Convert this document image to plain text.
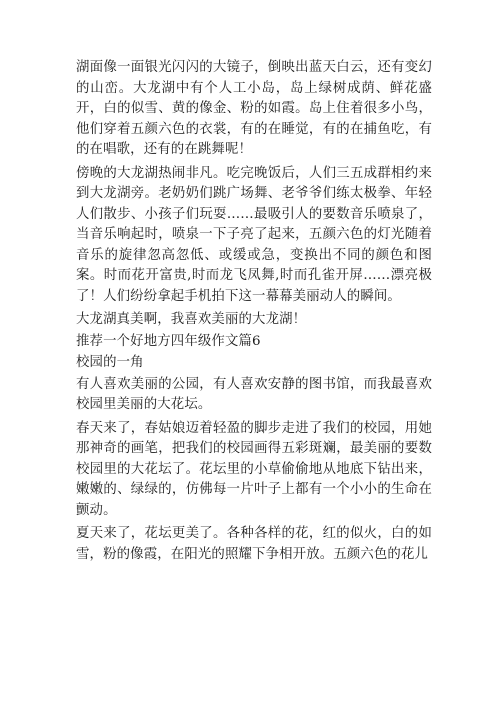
湖面像一面银光闪闪的大镜子，倒映出蓝天白云，还有变幻的山峦。大龙湖中有个人工小岛，岛上绿树成荫、鲜花盛开，白的似雪、黄的像金、粉的如霞。岛上住着很多小鸟，他们穿着五颜六色的衣裳，有的在睡觉，有的在捕鱼吃，有的在唱歌，还有的在跳舞呢！

傍晚的大龙湖热闹非凡。吃完晚饭后，人们三五成群相约来到大龙湖旁。老奶奶们跳广场舞、老爷爷们练太极拳、年轻人们散步、小孩子们玩耍……最吸引人的要数音乐喷泉了，当音乐响起时，喷泉一下子亮了起来，五颜六色的灯光随着音乐的旋律忽高忽低、或缓或急，变换出不同的颜色和图案。时而花开富贵,时而龙飞凤舞,时而孔雀开屏……漂亮极了！人们纷纷拿起手机拍下这一幕幕美丽动人的瞬间。

大龙湖真美啊，我喜欢美丽的大龙湖！

推荐一个好地方四年级作文篇6

校园的一角

有人喜欢美丽的公园，有人喜欢安静的图书馆，而我最喜欢校园里美丽的大花坛。

春天来了，春姑娘迈着轻盈的脚步走进了我们的校园，用她那神奇的画笔，把我们的校园画得五彩斑斓，最美丽的要数校园里的大花坛了。花坛里的小草偷偷地从地底下钻出来，嫩嫩的、绿绿的，仿佛每一片叶子上都有一个小小的生命在颤动。

夏天来了，花坛更美了。各种各样的花，红的似火，白的如雪，粉的像霞，在阳光的照耀下争相开放。五颜六色的花儿
